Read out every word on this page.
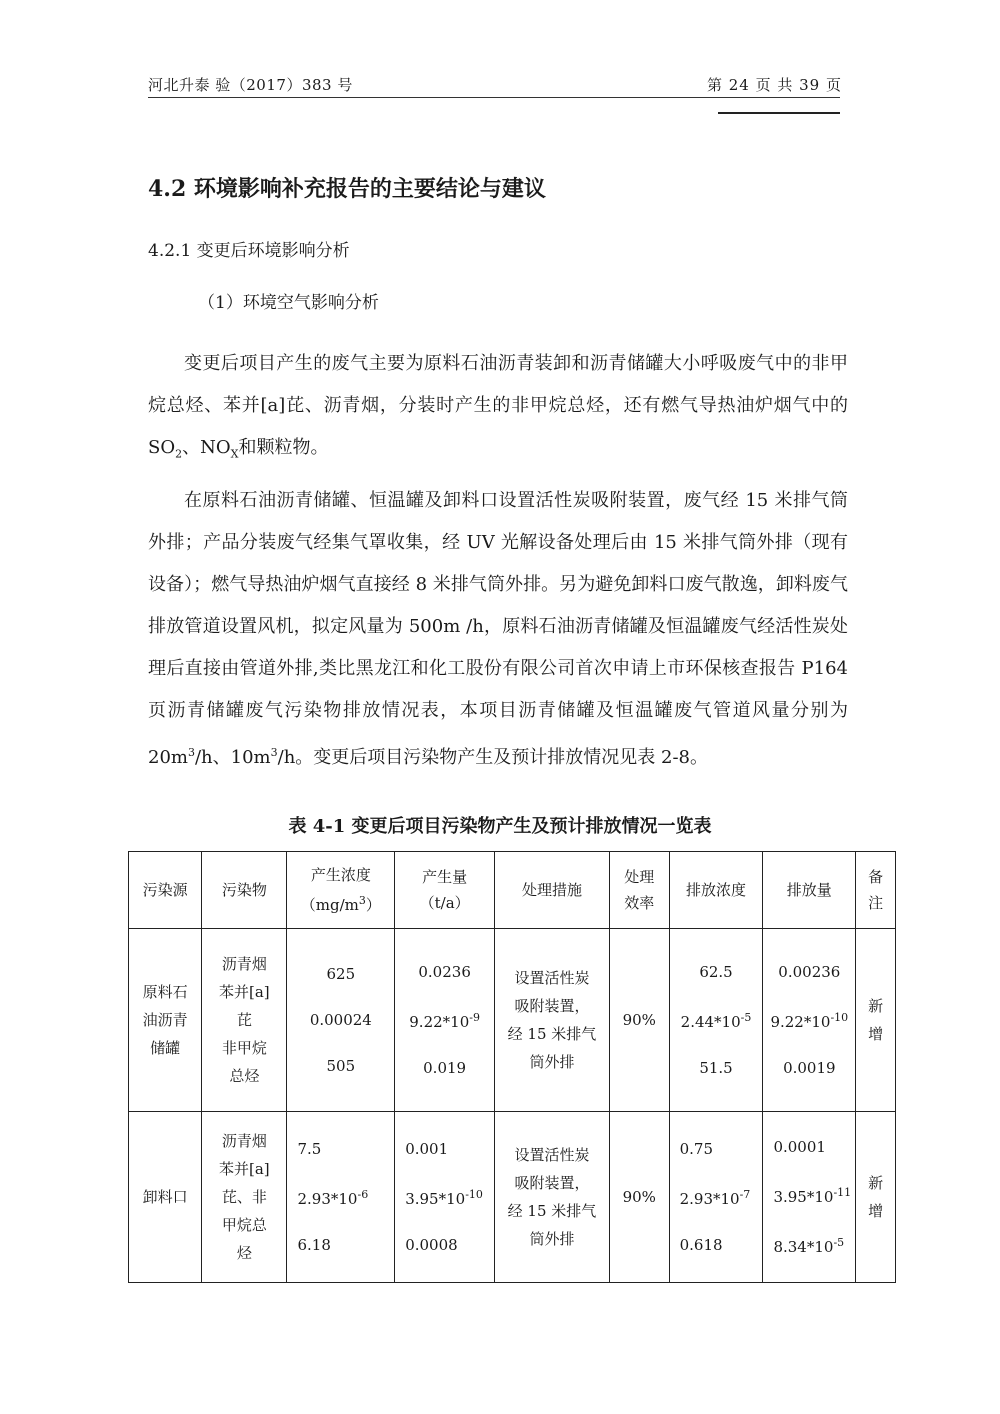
河北升泰 验（2017）383 号	第 24 页 共 39 页
4.2 环境影响补充报告的主要结论与建议
4.2.1 变更后环境影响分析
（1）环境空气影响分析

变更后项目产生的废气主要为原料石油沥青装卸和沥青储罐大小呼吸废气中的非甲烷总烃、苯并[a]芘、沥青烟，分装时产生的非甲烷总烃，还有燃气导热油炉烟气中的 $SO_2$、$NO_X$和颗粒物。

在原料石油沥青储罐、恒温罐及卸料口设置活性炭吸附装置，废气经 15 米排气筒外排；产品分装废气经集气罩收集，经 UV 光解设备处理后由 15 米排气筒外排（现有设备）；燃气导热油炉烟气直接经 8 米排气筒外排。另为避免卸料口废气散逸，卸料废气排放管道设置风机，拟定风量为 500m /h，原料石油沥青储罐及恒温罐废气经活性炭处理后直接由管道外排,类比黑龙江和化工股份有限公司首次申请上市环保核查报告 P164 页沥青储罐废气污染物排放情况表，本项目沥青储罐及恒温罐废气管道风量分别为 $20m^3/h$、$10m^3/h$。变更后项目污染物产生及预计排放情况见表 2-8。

表 4-1 变更后项目污染物产生及预计排放情况一览表
污染源	污染物	产生浓度
$(mg/m^3)$	产生量
（t/a）	处理措施	处理
效率	排放浓度	排放量	备
注
原料石
油沥青
储罐	沥青烟
苯并[a]
芘
非甲烷
总烃	625
0.00024
505	0.0236
$9.22*10^{-9}$
0.019	设置活性炭
吸附装置，
经 15 米排气
筒外排	90%	62.5
$2.44*10^{-5}$
51.5	0.00236
$9.22*10^{-10}$
0.0019	新
增
卸料口	沥青烟
苯并[a]
芘、非
甲烷总
烃	7.5
$2.93*10^{-6}$
6.18	0.001
$3.95*10^{-10}$
0.0008	设置活性炭
吸附装置，
经 15 米排气
筒外排	90%	0.75
$2.93*10^{-7}$
0.618	0.0001
$3.95*10^{-11}$
$8.34*10^{-5}$	新
增
